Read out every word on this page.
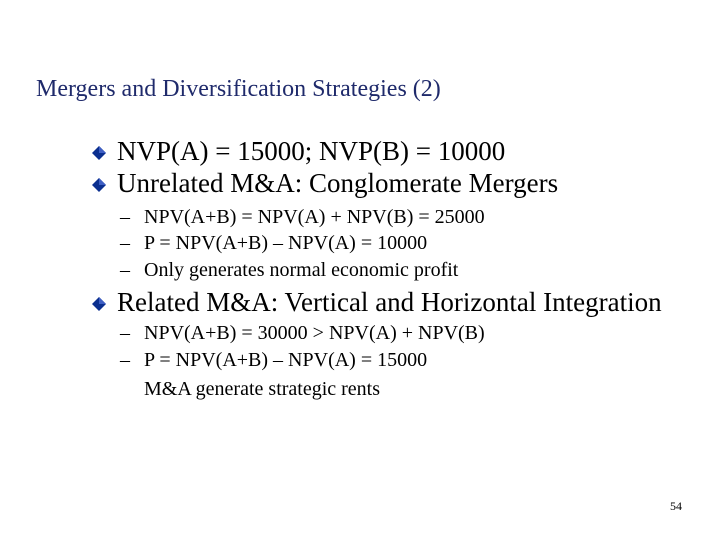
Mergers and Diversification Strategies (2)
NVP(A) = 15000; NVP(B) = 10000
Unrelated M&A: Conglomerate Mergers
– NPV(A+B) = NPV(A) + NPV(B) = 25000
– P = NPV(A+B) – NPV(A) = 10000
– Only generates normal economic profit
Related M&A: Vertical and Horizontal Integration
– NPV(A+B) = 30000 > NPV(A) + NPV(B)
– P = NPV(A+B) – NPV(A) = 15000
M&A generate strategic rents
54
